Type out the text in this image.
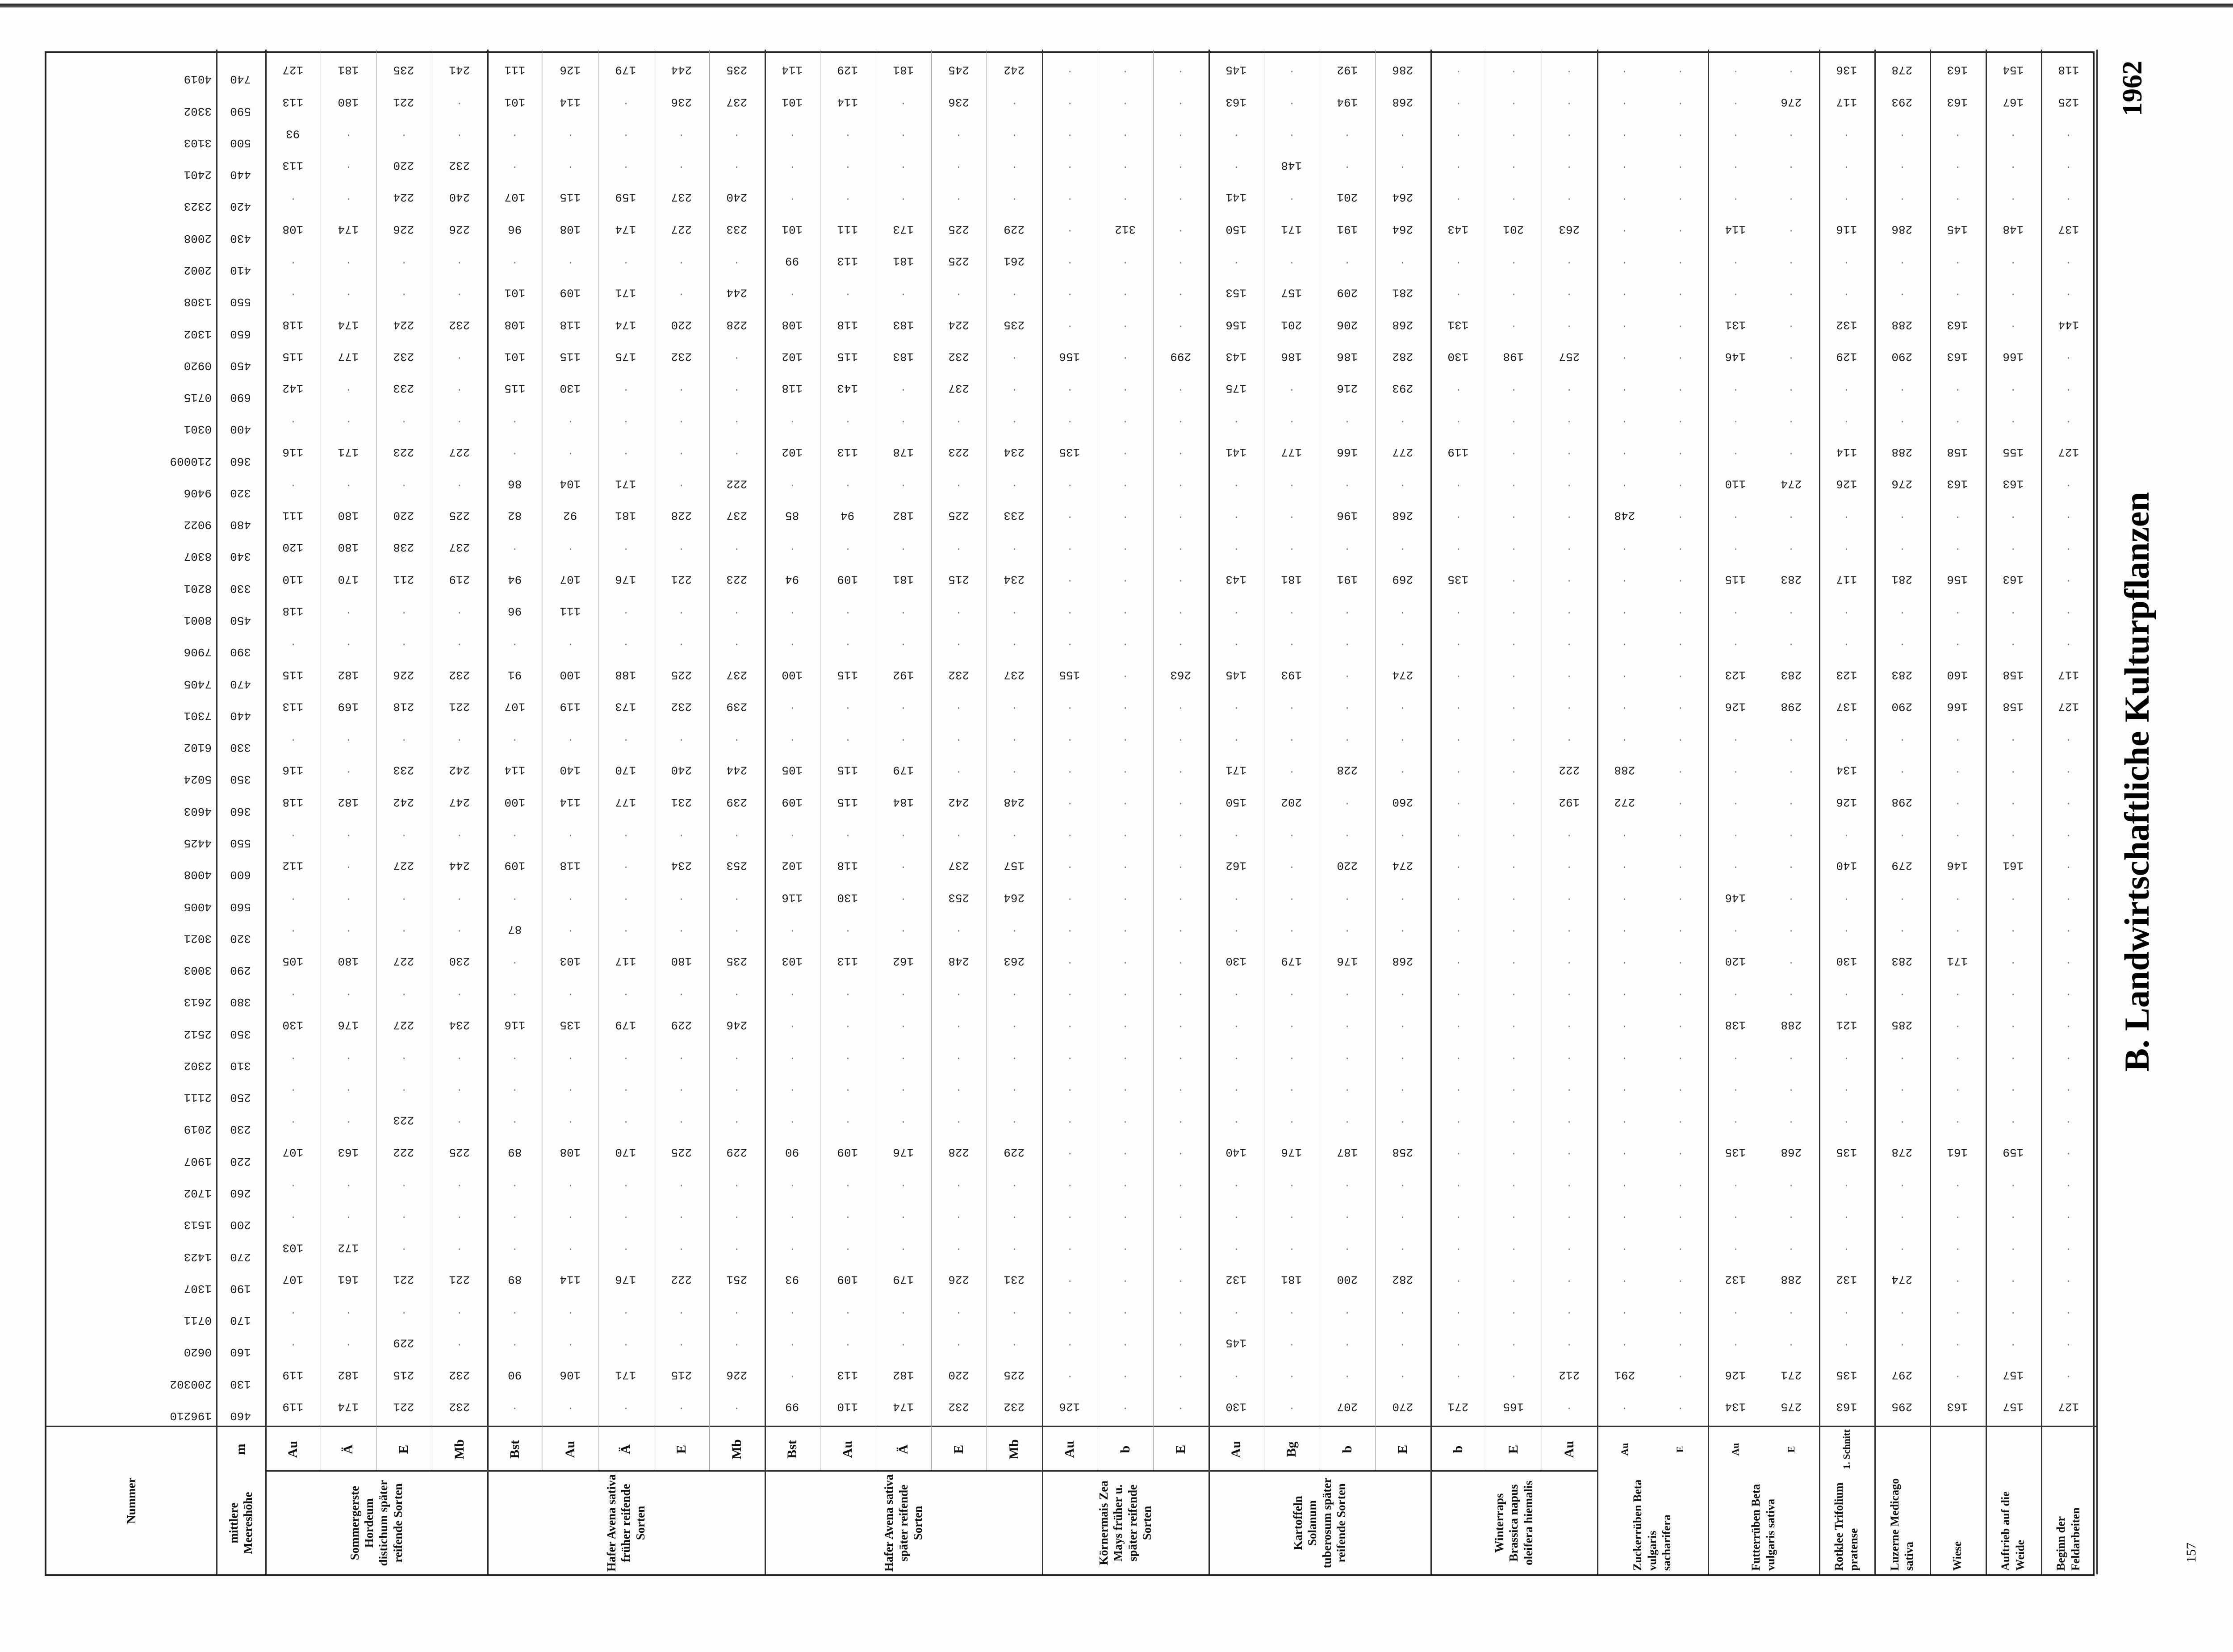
1962
B. Landwirtschaftliche Kulturpflanzen
157
Nummer	mittlere Meereshöhe
m
Sommergerste Hordeum distichum später reifende Sorten
Au	Ä	E	Mb
Hafer Avena sativa früher reifende Sorten
Bst	Au	Ä	E	Mb
Hafer Avena sativa später reifende Sorten
Bst	Au	Ä	E	Mb
Körnermais Zea Mays früher u. später reifende Sorten
Au	b	E
Kartoffeln Solanum tuberosum später reifende Sorten
Au	Bg	b	E
Winterraps Brassica napus oleifera hiemalis
b	E	Au
Zuckerrüben Beta vulgaris sacharifera
Au	E
Futterrüben Beta vulgaris sativa
Au	E
Rotklee Trifolium pratense
1. Schnitt
Luzerne Medicago sativa	Wiese	Auftrieb auf die Weide	Beginn der Feldarbeiten
196210	460
119	174	221	232	.	.	.	.	.	99	110	174	232	232	126	.	.	130	.	207	270	271	165	.	.	.	134	275	163	295	163	157	127
200302	130
119	182	215	232	90	106	171	215	226	.	113	182	220	225	.	.	.	.	.	.	.	.	.	212	291	.	126	271	135	297	.	157	.
0620	160
.	.	229	.	.	.	.	.	.	.	.	.	.	.	.	.	.	145	.	.	.	.	.	.	.	.	.	.	.	.	.	.	.
0711	170
.	.	.	.	.	.	.	.	.	.	.	.	.	.	.	.	.	.	.	.	.	.	.	.	.	.	.	.	.	.	.	.	.
1307	190
107	161	221	221	89	114	176	222	251	93	109	179	226	231	.	.	.	132	181	200	282	.	.	.	.	.	132	288	132	274	.	.	.
1423	270
103	172	.	.	.	.	.	.	.	.	.	.	.	.	.	.	.	.	.	.	.	.	.	.	.	.	.	.	.	.	.	.	.
1513	200
.	.	.	.	.	.	.	.	.	.	.	.	.	.	.	.	.	.	.	.	.	.	.	.	.	.	.	.	.	.	.	.	.
1702	260
.	.	.	.	.	.	.	.	.	.	.	.	.	.	.	.	.	.	.	.	.	.	.	.	.	.	.	.	.	.	.	.	.
1907	220
107	163	222	225	89	108	170	225	229	90	109	176	228	229	.	.	.	140	176	187	258	.	.	.	.	.	135	268	135	278	161	159	.
2019	230
.	.	223	.	.	.	.	.	.	.	.	.	.	.	.	.	.	.	.	.	.	.	.	.	.	.	.	.	.	.	.	.	.
2111	250
.	.	.	.	.	.	.	.	.	.	.	.	.	.	.	.	.	.	.	.	.	.	.	.	.	.	.	.	.	.	.	.	.
2302	310
.	.	.	.	.	.	.	.	.	.	.	.	.	.	.	.	.	.	.	.	.	.	.	.	.	.	.	.	.	.	.	.	.
2512	350
130	176	227	234	116	135	179	229	246	.	.	.	.	.	.	.	.	.	.	.	.	.	.	.	.	.	138	288	121	285	.	.	.
2613	380
.	.	.	.	.	.	.	.	.	.	.	.	.	.	.	.	.	.	.	.	.	.	.	.	.	.	.	.	.	.	.	.	.
3003	290
105	180	227	230	.	103	117	180	235	103	113	162	248	263	.	.	.	130	179	176	268	.	.	.	.	.	120	.	130	283	171	.	.
3021	320
.	.	.	.	87	.	.	.	.	.	.	.	.	.	.	.	.	.	.	.	.	.	.	.	.	.	.	.	.	.	.	.	.
4005	560
.	.	.	.	.	.	.	.	.	116	130	.	253	264	.	.	.	.	.	.	.	.	.	.	.	.	146	.	.	.	.	.	.
4008	600
112	.	227	244	109	118	.	234	253	102	118	.	237	157	.	.	.	162	.	220	274	.	.	.	.	.	.	.	140	279	146	161	.
4425	550
.	.	.	.	.	.	.	.	.	.	.	.	.	.	.	.	.	.	.	.	.	.	.	.	.	.	.	.	.	.	.	.	.
4603	360
118	182	242	247	100	114	177	231	239	109	115	184	242	248	.	.	.	150	202	.	260	.	.	192	272	.	.	.	126	298	.	.	.
5024	350
116	.	233	242	114	140	170	240	244	105	115	179	.	.	.	.	.	171	.	228	.	.	.	222	288	.	.	.	134	.	.	.	.
6102	330
.	.	.	.	.	.	.	.	.	.	.	.	.	.	.	.	.	.	.	.	.	.	.	.	.	.	.	.	.	.	.	.	.
7301	440
113	169	218	221	107	119	173	232	239	.	.	.	.	.	.	.	.	.	.	.	.	.	.	.	.	.	126	298	137	290	166	158	127
7405	470
115	182	226	232	91	100	188	225	237	100	115	192	232	237	155	.	263	145	193	.	274	.	.	.	.	.	123	283	123	283	160	158	117
7906	390
.	.	.	.	.	.	.	.	.	.	.	.	.	.	.	.	.	.	.	.	.	.	.	.	.	.	.	.	.	.	.	.	.
8001	450
118	.	.	.	96	111	.	.	.	.	.	.	.	.	.	.	.	.	.	.	.	.	.	.	.	.	.	.	.	.	.	.	.
8201	330
110	170	211	219	94	107	176	221	223	94	109	181	215	234	.	.	.	143	181	191	269	135	.	.	.	.	115	283	117	281	156	163	.
8307	340
120	180	238	237	.	.	.	.	.	.	.	.	.	.	.	.	.	.	.	.	.	.	.	.	.	.	.	.	.	.	.	.	.
9022	480
111	180	220	225	82	92	181	228	237	85	94	182	225	233	.	.	.	.	.	196	268	.	.	.	248	.	.	.	.	.	.	.	.
9406	320
.	.	.	.	86	104	171	.	222	.	.	.	.	.	.	.	.	.	.	.	.	.	.	.	.	.	110	274	126	276	163	163	.
210009	360
116	171	223	227	.	.	.	.	.	102	113	178	223	234	135	.	.	141	177	166	277	119	.	.	.	.	.	.	114	288	158	155	127
0301	400
.	.	.	.	.	.	.	.	.	.	.	.	.	.	.	.	.	.	.	.	.	.	.	.	.	.	.	.	.	.	.	.	.
0715	690
142	.	233	.	115	130	.	.	.	118	143	.	237	.	.	.	.	175	.	216	293	.	.	.	.	.	.	.	.	.	.	.	.
0920	450
115	177	232	.	101	115	175	232	.	102	115	183	232	.	156	.	299	143	186	186	282	130	198	257	.	.	146	.	129	290	163	166	.
1302	650
118	174	224	232	108	118	174	220	228	108	118	183	224	235	.	.	.	156	201	206	268	131	.	.	.	.	131	.	132	288	163	.	144
1308	550
.	.	.	.	101	109	171	.	244	.	.	.	.	.	.	.	.	153	157	209	281	.	.	.	.	.	.	.	.	.	.	.	.
2002	410
.	.	.	.	.	.	.	.	.	99	113	181	225	261	.	.	.	.	.	.	.	.	.	.	.	.	.	.	.	.	.	.	.
2008	430
108	174	226	226	96	108	174	227	233	101	111	173	225	229	.	312	.	150	171	191	264	143	201	263	.	.	114	.	116	286	145	148	137
2323	420
.	.	224	240	107	115	159	237	240	.	.	.	.	.	.	.	.	141	.	201	264	.	.	.	.	.	.	.	.	.	.	.	.
2401	440
113	.	220	232	.	.	.	.	.	.	.	.	.	.	.	.	.	.	148	.	.	.	.	.	.	.	.	.	.	.	.	.	.
3103	500
93	.	.	.	.	.	.	.	.	.	.	.	.	.	.	.	.	.	.	.	.	.	.	.	.	.	.	.	.	.	.	.	.
3302	590
113	180	221	.	101	114	.	236	237	101	114	.	236	.	.	.	.	163	.	194	268	.	.	.	.	.	.	276	117	293	163	167	125
4019	740
127	181	235	241	111	126	179	244	235	114	129	181	245	242	.	.	.	145	.	192	286	.	.	.	.	.	.	.	136	278	163	154	118
